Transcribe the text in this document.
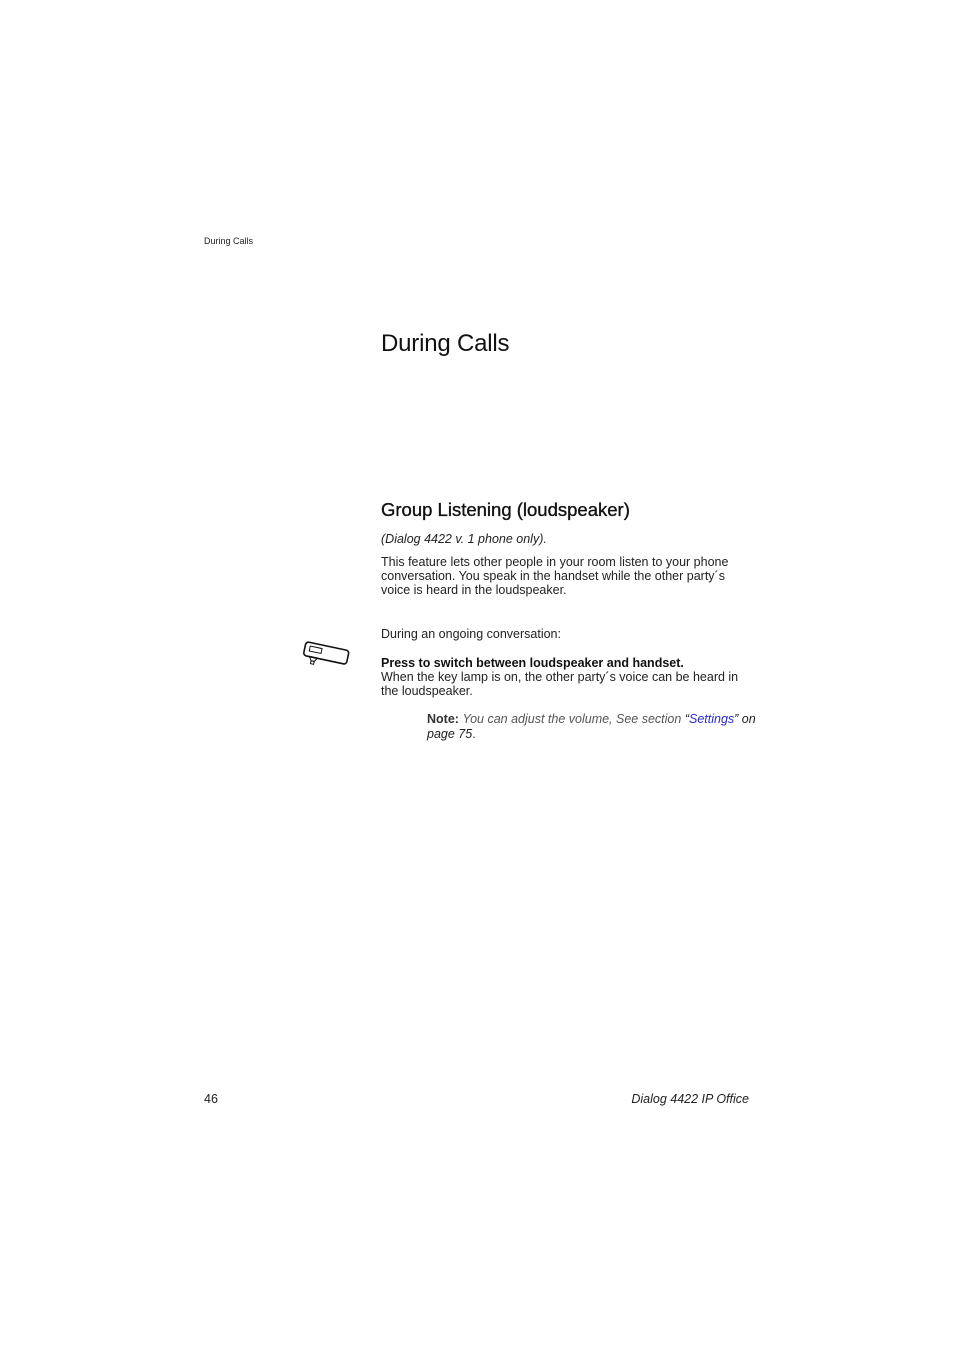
During Calls
During Calls
Group Listening (loudspeaker)
(Dialog 4422 v. 1 phone only).

This feature lets other people in your room listen to your phone conversation. You speak in the handset while the other party´s voice is heard in the loudspeaker.

During an ongoing conversation:
Press to switch between loudspeaker and handset.
When the key lamp is on, the other party´s voice can be heard in the loudspeaker.
Note: You can adjust the volume, See section “Settings” on page 75.
46	Dialog 4422 IP Office
